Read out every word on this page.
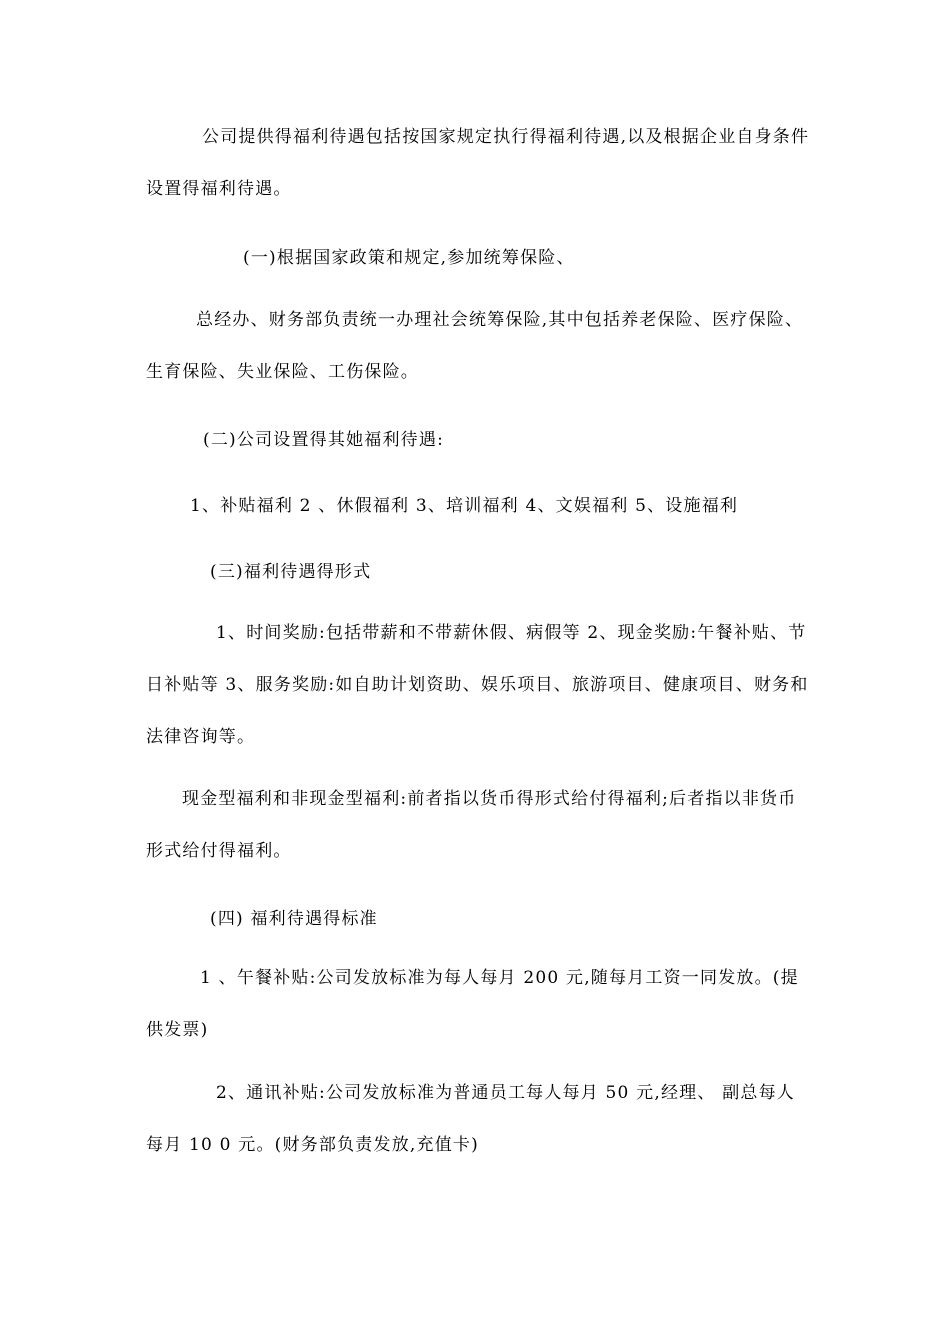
公司提供得福利待遇包括按国家规定执行得福利待遇,以及根据企业自身条件设置得福利待遇。

(一)根据国家政策和规定,参加统筹保险、

总经办、财务部负责统一办理社会统筹保险,其中包括养老保险、医疗保险、生育保险、失业保险、工伤保险。

(二)公司设置得其她福利待遇:

1、补贴福利 2 、休假福利 3、培训福利 4、文娱福利 5、设施福利

(三)福利待遇得形式

1、时间奖励:包括带薪和不带薪休假、病假等 2、现金奖励:午餐补贴、节日补贴等 3、服务奖励:如自助计划资助、娱乐项目、旅游项目、健康项目、财务和法律咨询等。

现金型福利和非现金型福利:前者指以货币得形式给付得福利;后者指以非货币形式给付得福利。

(四) 福利待遇得标准

1 、午餐补贴:公司发放标准为每人每月 200 元,随每月工资一同发放。(提供发票)

2、通讯补贴:公司发放标准为普通员工每人每月 50 元,经理、 副总每人每月 10 0 元。(财务部负责发放,充值卡)
